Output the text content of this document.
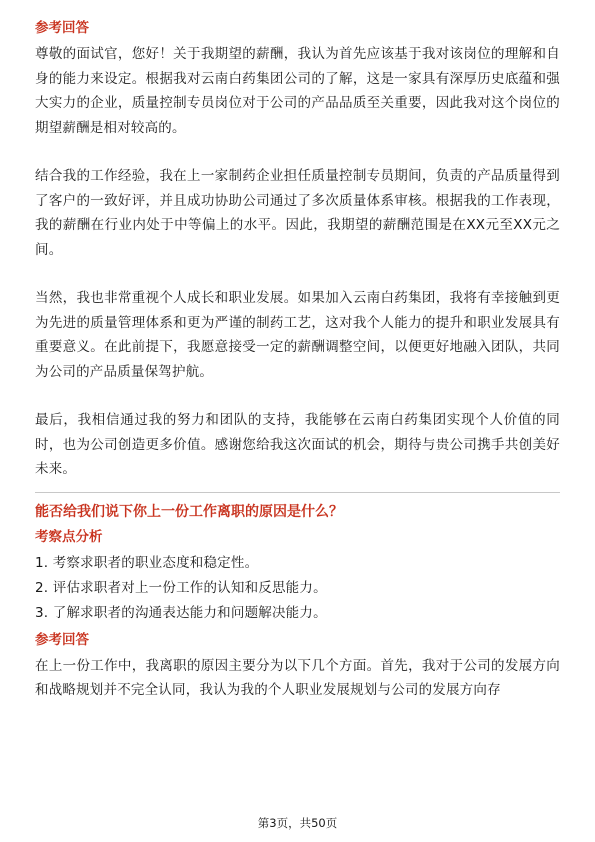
参考回答

尊敬的面试官，您好！关于我期望的薪酬，我认为首先应该基于我对该岗位的理解和自身的能力来设定。根据我对云南白药集团公司的了解，这是一家具有深厚历史底蕴和强大实力的企业，质量控制专员岗位对于公司的产品品质至关重要，因此我对这个岗位的期望薪酬是相对较高的。

结合我的工作经验，我在上一家制药企业担任质量控制专员期间，负责的产品质量得到了客户的一致好评，并且成功协助公司通过了多次质量体系审核。根据我的工作表现，我的薪酬在行业内处于中等偏上的水平。因此，我期望的薪酬范围是在XX元至XX元之间。

当然，我也非常重视个人成长和职业发展。如果加入云南白药集团，我将有幸接触到更为先进的质量管理体系和更为严谨的制药工艺，这对我个人能力的提升和职业发展具有重要意义。在此前提下，我愿意接受一定的薪酬调整空间，以便更好地融入团队，共同为公司的产品质量保驾护航。

最后，我相信通过我的努力和团队的支持，我能够在云南白药集团实现个人价值的同时，也为公司创造更多价值。感谢您给我这次面试的机会，期待与贵公司携手共创美好未来。

能否给我们说下你上一份工作离职的原因是什么？

考察点分析

1. 考察求职者的职业态度和稳定性。
2. 评估求职者对上一份工作的认知和反思能力。
3. 了解求职者的沟通表达能力和问题解决能力。

参考回答

在上一份工作中，我离职的原因主要分为以下几个方面。首先，我对于公司的发展方向和战略规划并不完全认同，我认为我的个人职业发展规划与公司的发展方向存

第3页，共50页
